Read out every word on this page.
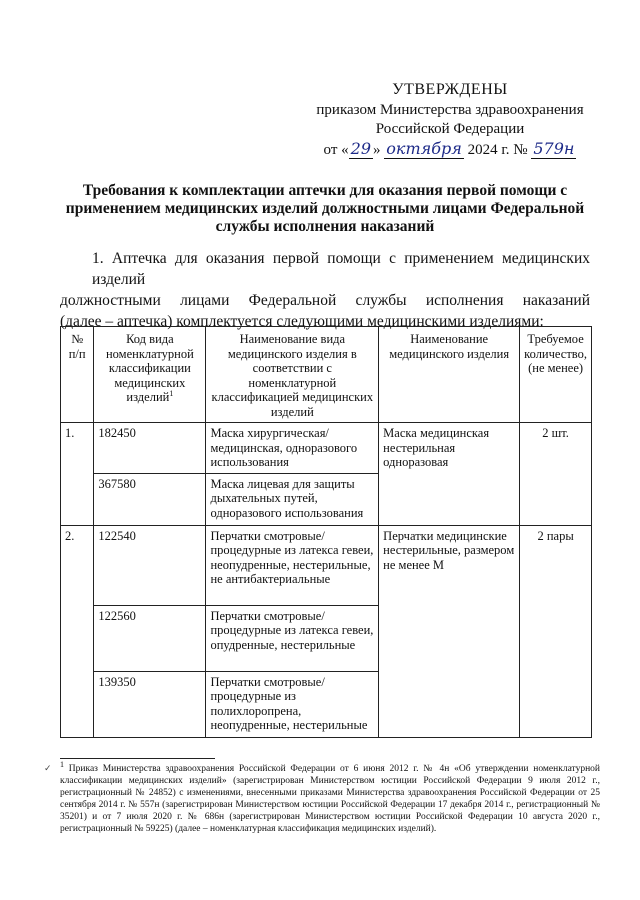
УТВЕРЖДЕНЫ
приказом Министерства здравоохранения
Российской Федерации
от « 29 » октября 2024 г. № 579н
Требования к комплектации аптечки для оказания первой помощи с применением медицинских изделий должностными лицами Федеральной службы исполнения наказаний
1. Аптечка для оказания первой помощи с применением медицинских изделий
должностными лицами Федеральной службы исполнения наказаний
(далее – аптечка) комплектуется следующими медицинскими изделиями:
№ п/п	Код вида номенклатурной классификации медицинских изделий$^1$	Наименование вида медицинского изделия в соответствии с номенклатурной классификацией медицинских изделий	Наименование медицинского изделия	Требуемое количество, (не менее)
1.	182450	Маска хирургическая/ медицинская, одноразового использования	Маска медицинская нестерильная одноразовая	2 шт.
	367580	Маска лицевая для защиты дыхательных путей, одноразового использования		
2.	122540	Перчатки смотровые/ процедурные из латекса гевеи, неопудренные, нестерильные, не антибактериальные	Перчатки медицинские нестерильные, размером не менее М	2 пары
	122560	Перчатки смотровые/ процедурные из латекса гевеи, опудренные, нестерильные		
	139350	Перчатки смотровые/ процедурные из полихлоропрена, неопудренные, нестерильные		
✓ $^1$ Приказ Министерства здравоохранения Российской Федерации от 6 июня 2012 г. № 4н «Об утверждении номенклатурной классификации медицинских изделий» (зарегистрирован Министерством юстиции Российской Федерации 9 июля 2012 г., регистрационный № 24852) с изменениями, внесенными приказами Министерства здравоохранения Российской Федерации от 25 сентября 2014 г. № 557н (зарегистрирован Министерством юстиции Российской Федерации 17 декабря 2014 г., регистрационный № 35201) и от 7 июля 2020 г. № 686н (зарегистрирован Министерством юстиции Российской Федерации 10 августа 2020 г., регистрационный № 59225) (далее – номенклатурная классификация медицинских изделий).
